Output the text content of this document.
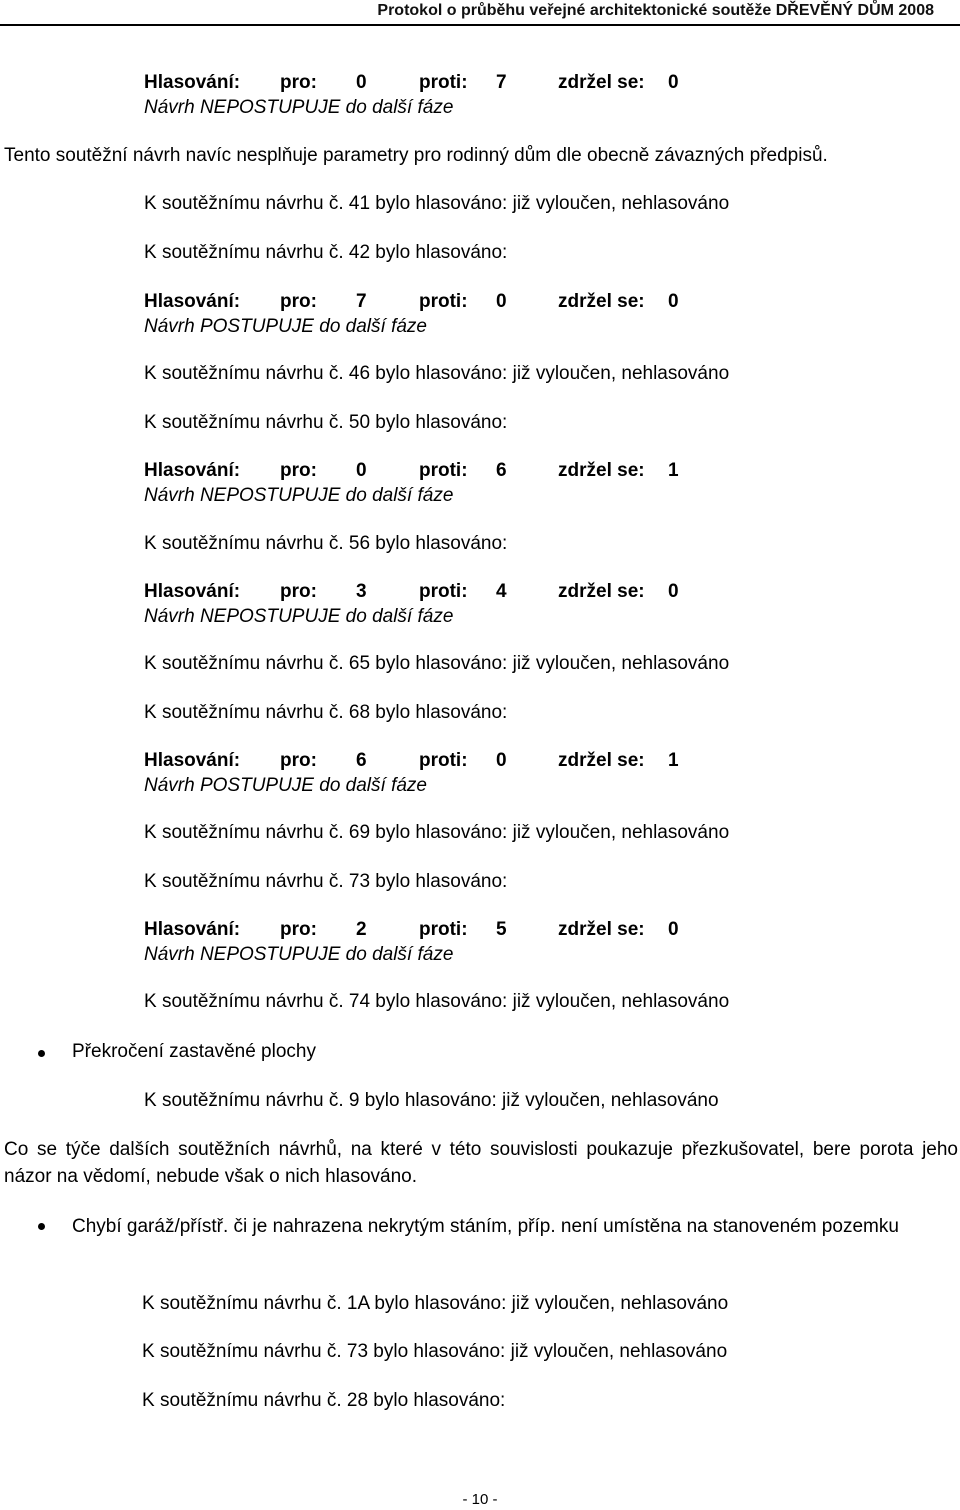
Protokol o průběhu veřejné architektonické soutěže DŘEVĚNÝ DŮM 2008
Hlasování: pro: 0	proti: 7	zdržel se: 0
Návrh NEPOSTUPUJE do další fáze
Tento soutěžní návrh navíc nesplňuje parametry pro rodinný dům dle obecně závazných předpisů.
K soutěžnímu návrhu č. 41 bylo hlasováno: již vyloučen, nehlasováno
K soutěžnímu návrhu č. 42 bylo hlasováno:
Hlasování: pro: 7	proti: 0	zdržel se: 0
Návrh POSTUPUJE do další fáze
K soutěžnímu návrhu č. 46 bylo hlasováno: již vyloučen, nehlasováno
K soutěžnímu návrhu č. 50 bylo hlasováno:
Hlasování: pro: 0	proti: 6	zdržel se: 1
Návrh NEPOSTUPUJE do další fáze
K soutěžnímu návrhu č. 56 bylo hlasováno:
Hlasování: pro: 3	proti: 4	zdržel se: 0
Návrh NEPOSTUPUJE do další fáze
K soutěžnímu návrhu č. 65 bylo hlasováno: již vyloučen, nehlasováno
K soutěžnímu návrhu č. 68 bylo hlasováno:
Hlasování: pro: 6	proti: 0	zdržel se: 1
Návrh POSTUPUJE do další fáze
K soutěžnímu návrhu č. 69 bylo hlasováno: již vyloučen, nehlasováno
K soutěžnímu návrhu č. 73 bylo hlasováno:
Hlasování: pro: 2	proti: 5	zdržel se: 0
Návrh NEPOSTUPUJE do další fáze
K soutěžnímu návrhu č. 74 bylo hlasováno: již vyloučen, nehlasováno
Překročení zastavěné plochy
K soutěžnímu návrhu č. 9 bylo hlasováno: již vyloučen, nehlasováno
Co se týče dalších soutěžních návrhů, na které v této souvislosti poukazuje přezkušovatel, bere porota jeho názor na vědomí, nebude však o nich hlasováno.
Chybí garáž/přístř. či je nahrazena nekrytým stáním, příp. není umístěna na stanoveném pozemku
K soutěžnímu návrhu č. 1A bylo hlasováno: již vyloučen, nehlasováno
K soutěžnímu návrhu č. 73 bylo hlasováno: již vyloučen, nehlasováno
K soutěžnímu návrhu č. 28 bylo hlasováno:
- 10 -
